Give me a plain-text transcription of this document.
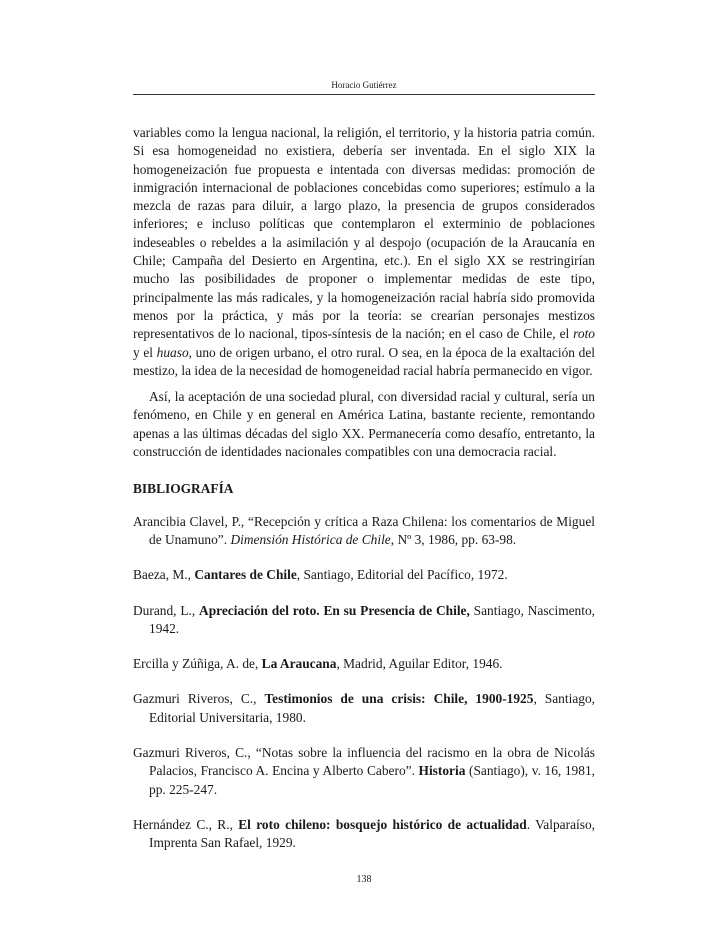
Horacio Gutiérrez

variables como la lengua nacional, la religión, el territorio, y la historia patria común. Si esa homogeneidad no existiera, debería ser inventada. En el siglo XIX la homogeneización fue propuesta e intentada con diversas medidas: promoción de inmigración internacional de poblaciones concebidas como superiores; estímulo a la mezcla de razas para diluir, a largo plazo, la presencia de grupos considerados inferiores; e incluso políticas que contemplaron el exterminio de poblaciones indeseables o rebeldes a la asimilación y al despojo (ocupación de la Araucanía en Chile; Campaña del Desierto en Argentina, etc.). En el siglo XX se restringirían mucho las posibilidades de proponer o implementar medidas de este tipo, principalmente las más radicales, y la homogeneización racial habría sido promovida menos por la práctica, y más por la teoría: se crearían personajes mestizos representativos de lo nacional, tipos-síntesis de la nación; en el caso de Chile, el roto y el huaso, uno de origen urbano, el otro rural. O sea, en la época de la exaltación del mestizo, la idea de la necesidad de homogeneidad racial habría permanecido en vigor.

Así, la aceptación de una sociedad plural, con diversidad racial y cultural, sería un fenómeno, en Chile y en general en América Latina, bastante reciente, remontando apenas a las últimas décadas del siglo XX. Permanecería como desafío, entretanto, la construcción de identidades nacionales compatibles con una democracia racial.

BIBLIOGRAFÍA

Arancibia Clavel, P., “Recepción y crítica a Raza Chilena: los comentarios de Miguel de Unamuno”. Dimensión Histórica de Chile, Nº 3, 1986, pp. 63-98.

Baeza, M., Cantares de Chile, Santiago, Editorial del Pacífico, 1972.

Durand, L., Apreciación del roto. En su Presencia de Chile, Santiago, Nascimento, 1942.

Ercilla y Zúñiga, A. de, La Araucana, Madrid, Aguilar Editor, 1946.

Gazmuri Riveros, C., Testimonios de una crisis: Chile, 1900-1925, Santiago, Editorial Universitaria, 1980.

Gazmuri Riveros, C., “Notas sobre la influencia del racismo en la obra de Nicolás Palacios, Francisco A. Encina y Alberto Cabero”. Historia (Santiago), v. 16, 1981, pp. 225-247.

Hernández C., R., El roto chileno: bosquejo histórico de actualidad. Valparaíso, Imprenta San Rafael, 1929.

138
